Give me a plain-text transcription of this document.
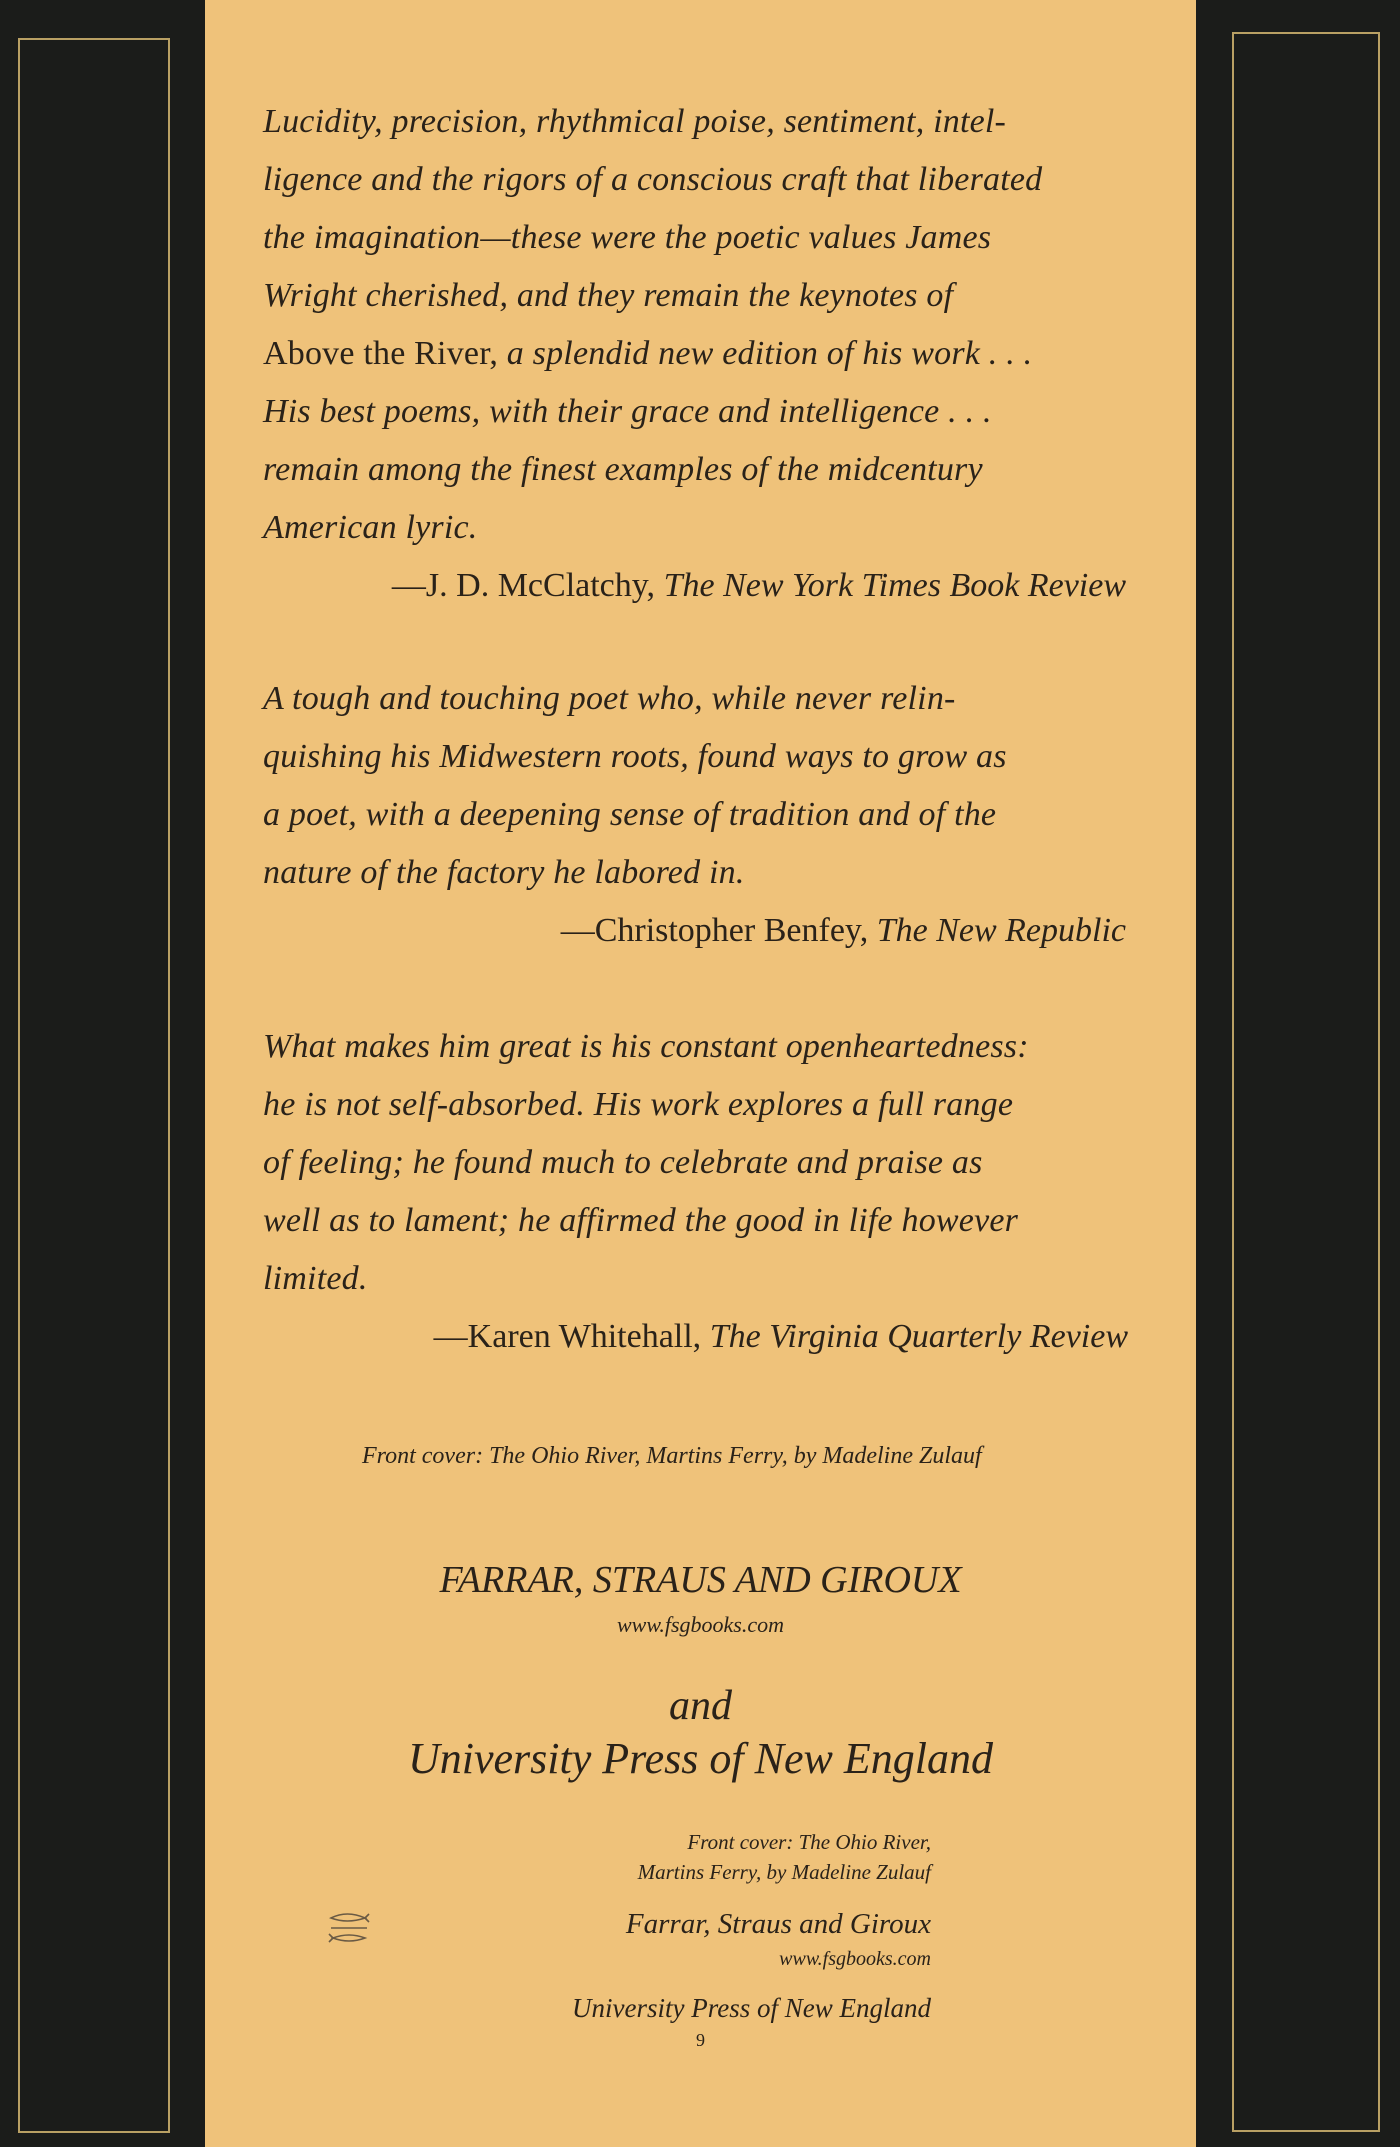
Lucidity, precision, rhythmical poise, sentiment, intel-
ligence and the rigors of a conscious craft that liberated
the imagination—these were the poetic values James
Wright cherished, and they remain the keynotes of
Above the River, a splendid new edition of his work . . .
His best poems, with their grace and intelligence . . .
remain among the finest examples of the midcentury
American lyric.
—J. D. McClatchy, The New York Times Book Review
A tough and touching poet who, while never relin-
quishing his Midwestern roots, found ways to grow as
a poet, with a deepening sense of tradition and of the
nature of the factory he labored in.
—Christopher Benfey, The New Republic
What makes him great is his constant openheartedness:
he is not self-absorbed. His work explores a full range
of feeling; he found much to celebrate and praise as
well as to lament; he affirmed the good in life however
limited.
—Karen Whitehall, The Virginia Quarterly Review
Front cover: The Ohio River, Martins Ferry, by Madeline Zulauf
FARRAR, STRAUS AND GIROUX
www.fsgbooks.com
and
University Press of New England
Front cover: The Ohio River,
Martins Ferry, by Madeline Zulauf
Farrar, Straus and Giroux
www.fsgbooks.com
University Press of New England
9
